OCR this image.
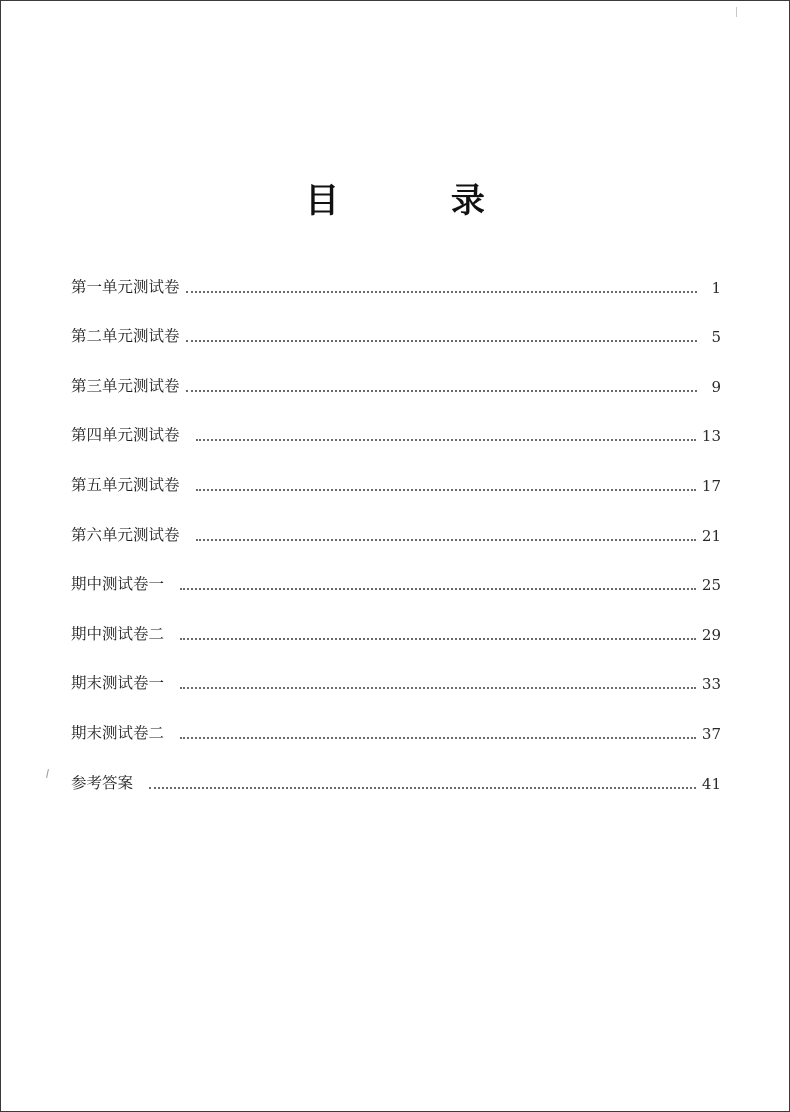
目 录
第一单元测试卷	1
第二单元测试卷	5
第三单元测试卷	9
第四单元测试卷	13
第五单元测试卷	17
第六单元测试卷	21
期中测试卷一	25
期中测试卷二	29
期末测试卷一	33
期末测试卷二	37
参考答案	41
